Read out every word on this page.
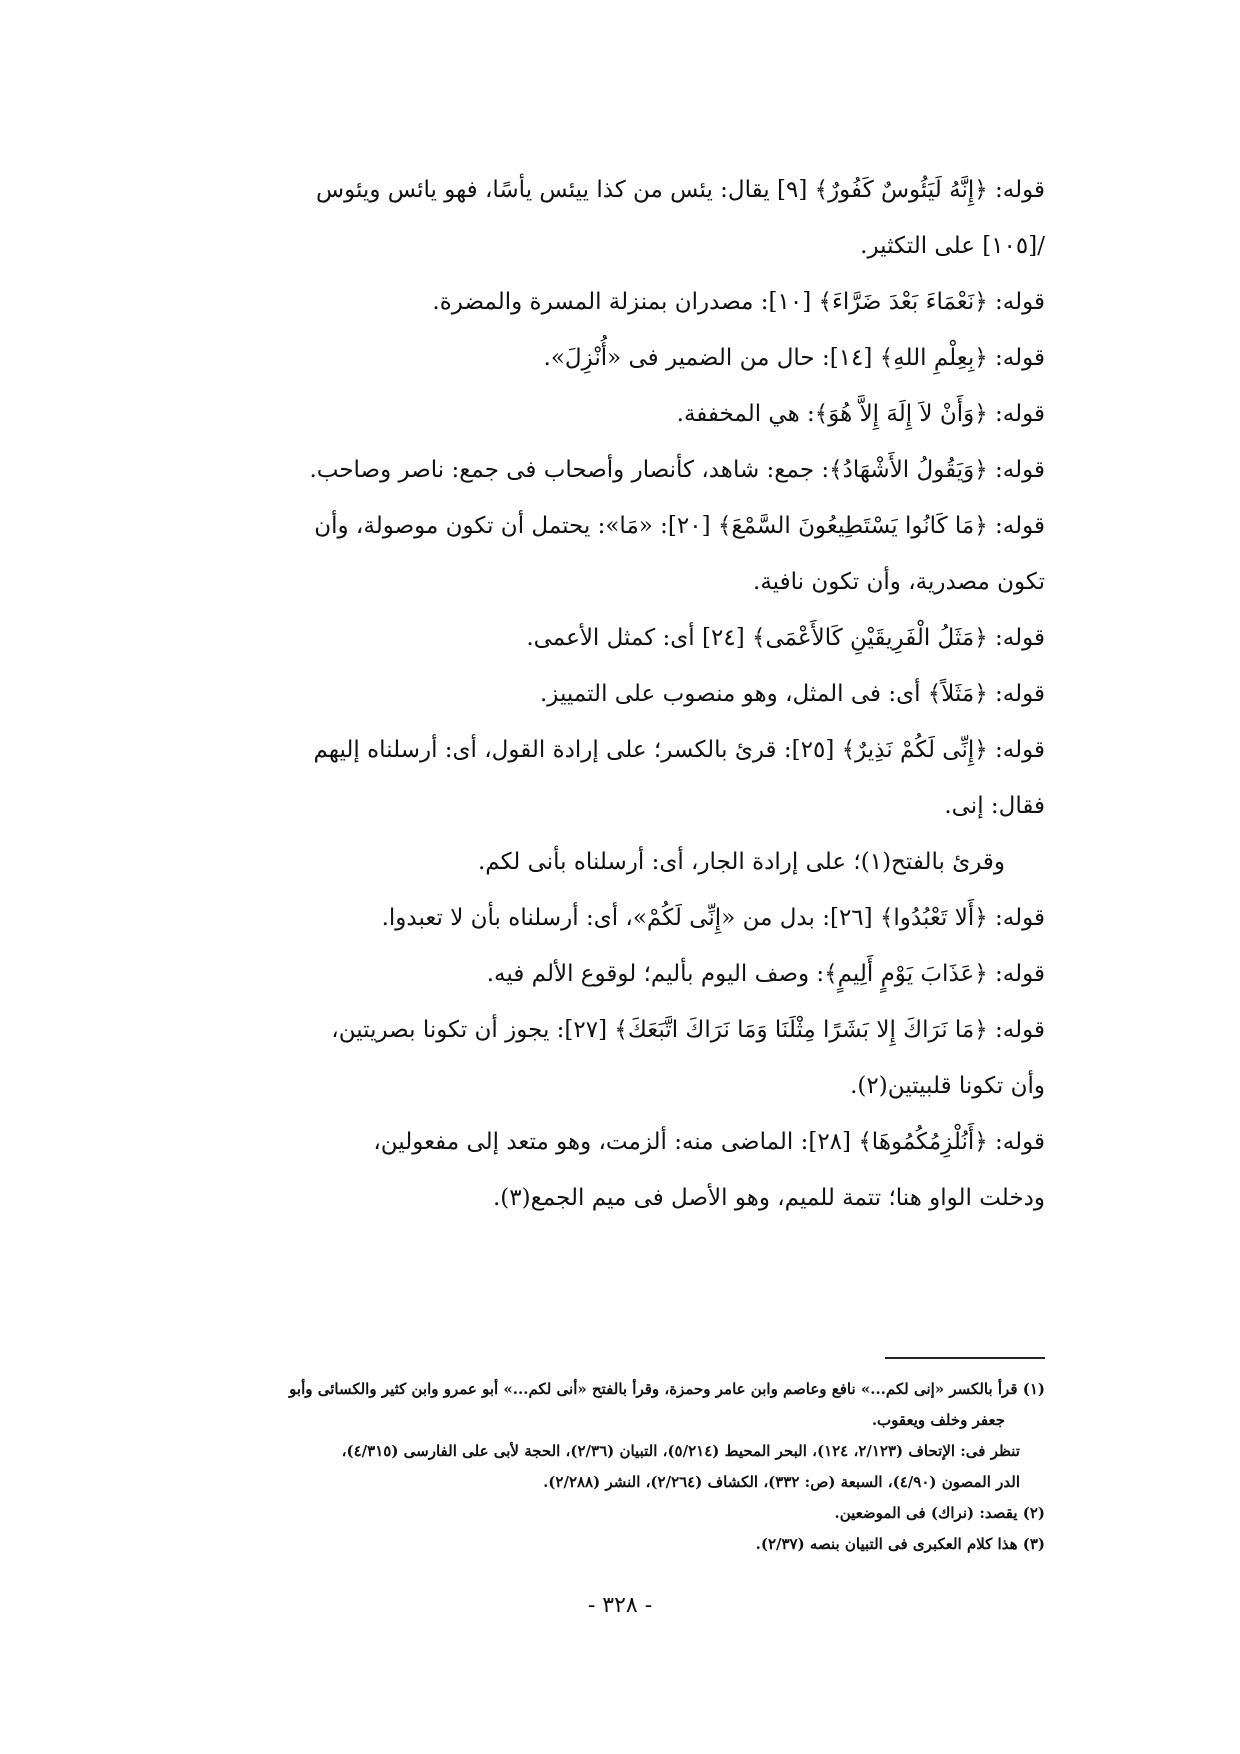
قوله: ﴿إِنَّهُ لَيَئُوسٌ كَفُورٌ﴾ [٩] يقال: يئس من كذا ييئس يأسًا، فهو يائس ويئوس
/[١٠٥] على التكثير.
قوله: ﴿نَعْمَاءَ بَعْدَ ضَرَّاءَ﴾ [١٠]: مصدران بمنزلة المسرة والمضرة.
قوله: ﴿بِعِلْمِ اللهِ﴾ [١٤]: حال من الضمير فى «أُنْزِلَ».
قوله: ﴿وَأَنْ لاَ إِلَهَ إِلاَّ هُوَ﴾: هي المخففة.
قوله: ﴿وَيَقُولُ الأَشْهَادُ﴾: جمع: شاهد، كأنصار وأصحاب فى جمع: ناصر وصاحب.
قوله: ﴿مَا كَانُوا يَسْتَطِيعُونَ السَّمْعَ﴾ [٢٠]: «مَا»: يحتمل أن تكون موصولة، وأن
تكون مصدرية، وأن تكون نافية.
قوله: ﴿مَثَلُ الْفَرِيقَيْنِ كَالأَعْمَى﴾ [٢٤] أى: كمثل الأعمى.
قوله: ﴿مَثَلاً﴾ أى: فى المثل، وهو منصوب على التمييز.
قوله: ﴿إِنِّى لَكُمْ نَذِيرٌ﴾ [٢٥]: قرئ بالكسر؛ على إرادة القول، أى: أرسلناه إليهم
فقال: إنى.
وقرئ بالفتح(١)؛ على إرادة الجار، أى: أرسلناه بأنى لكم.
قوله: ﴿أَلا تَعْبُدُوا﴾ [٢٦]: بدل من «إِنِّى لَكُمْ»، أى: أرسلناه بأن لا تعبدوا.
قوله: ﴿عَذَابَ يَوْمٍ أَلِيمٍ﴾: وصف اليوم بأليم؛ لوقوع الألم فيه.
قوله: ﴿مَا نَرَاكَ إِلا بَشَرًا مِثْلَنَا وَمَا نَرَاكَ اتَّبَعَكَ﴾ [٢٧]: يجوز أن تكونا بصريتين،
وأن تكونا قلبيتين(٢).
قوله: ﴿أَنُلْزِمُكُمُوهَا﴾ [٢٨]: الماضى منه: ألزمت، وهو متعد إلى مفعولين،
ودخلت الواو هنا؛ تتمة للميم، وهو الأصل فى ميم الجمع(٣).
(١) قرأ بالكسر «إنى لكم...» نافع وعاصم وابن عامر وحمزة، وقرأ بالفتح «أنى لكم...» أبو عمرو وابن كثير والكسائى وأبو
جعفر وخلف ويعقوب.
تنظر فى: الإتحاف (٢/١٢٣، ١٢٤)، البحر المحيط (٥/٢١٤)، التبيان (٢/٣٦)، الحجة لأبى على الفارسى (٤/٣١٥)،
الدر المصون (٤/٩٠)، السبعة (ص: ٣٣٢)، الكشاف (٢/٢٦٤)، النشر (٢/٢٨٨).
(٢) يقصد: (نراك) فى الموضعين.
(٣) هذا كلام العكبرى فى التبيان بنصه (٢/٣٧).
- ٣٢٨ -
